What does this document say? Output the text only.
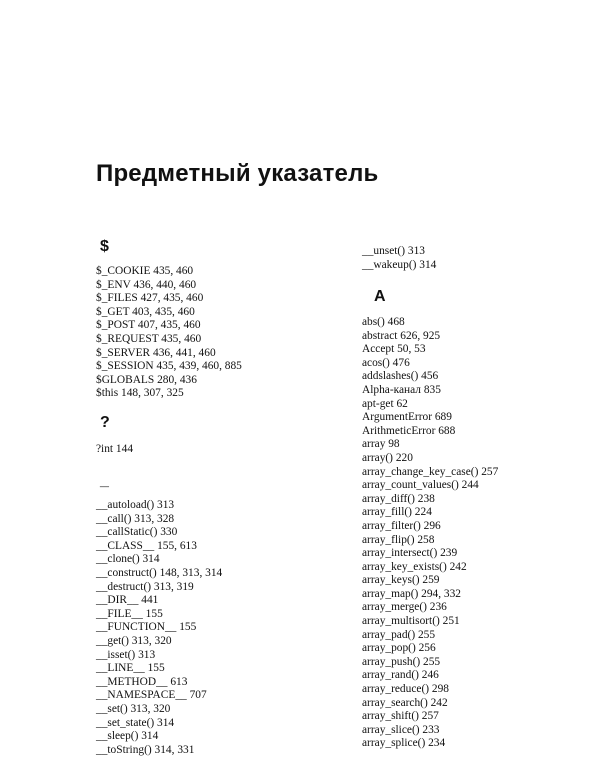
Предметный указатель
$
$_COOKIE 435, 460
$_ENV 436, 440, 460
$_FILES 427, 435, 460
$_GET 403, 435, 460
$_POST 407, 435, 460
$_REQUEST 435, 460
$_SERVER 436, 441, 460
$_SESSION 435, 439, 460, 885
$GLOBALS 280, 436
$this 148, 307, 325
?
?int 144
_
__autoload() 313
__call() 313, 328
__callStatic() 330
__CLASS__ 155, 613
__clone() 314
__construct() 148, 313, 314
__destruct() 313, 319
__DIR__ 441
__FILE__ 155
__FUNCTION__ 155
__get() 313, 320
__isset() 313
__LINE__ 155
__METHOD__ 613
__NAMESPACE__ 707
__set() 313, 320
__set_state() 314
__sleep() 314
__toString() 314, 331
__unset() 313
__wakeup() 314
A
abs() 468
abstract 626, 925
Accept 50, 53
acos() 476
addslashes() 456
Alpha-канал 835
apt-get 62
ArgumentError 689
ArithmeticError 688
array 98
array() 220
array_change_key_case() 257
array_count_values() 244
array_diff() 238
array_fill() 224
array_filter() 296
array_flip() 258
array_intersect() 239
array_key_exists() 242
array_keys() 259
array_map() 294, 332
array_merge() 236
array_multisort() 251
array_pad() 255
array_pop() 256
array_push() 255
array_rand() 246
array_reduce() 298
array_search() 242
array_shift() 257
array_slice() 233
array_splice() 234
